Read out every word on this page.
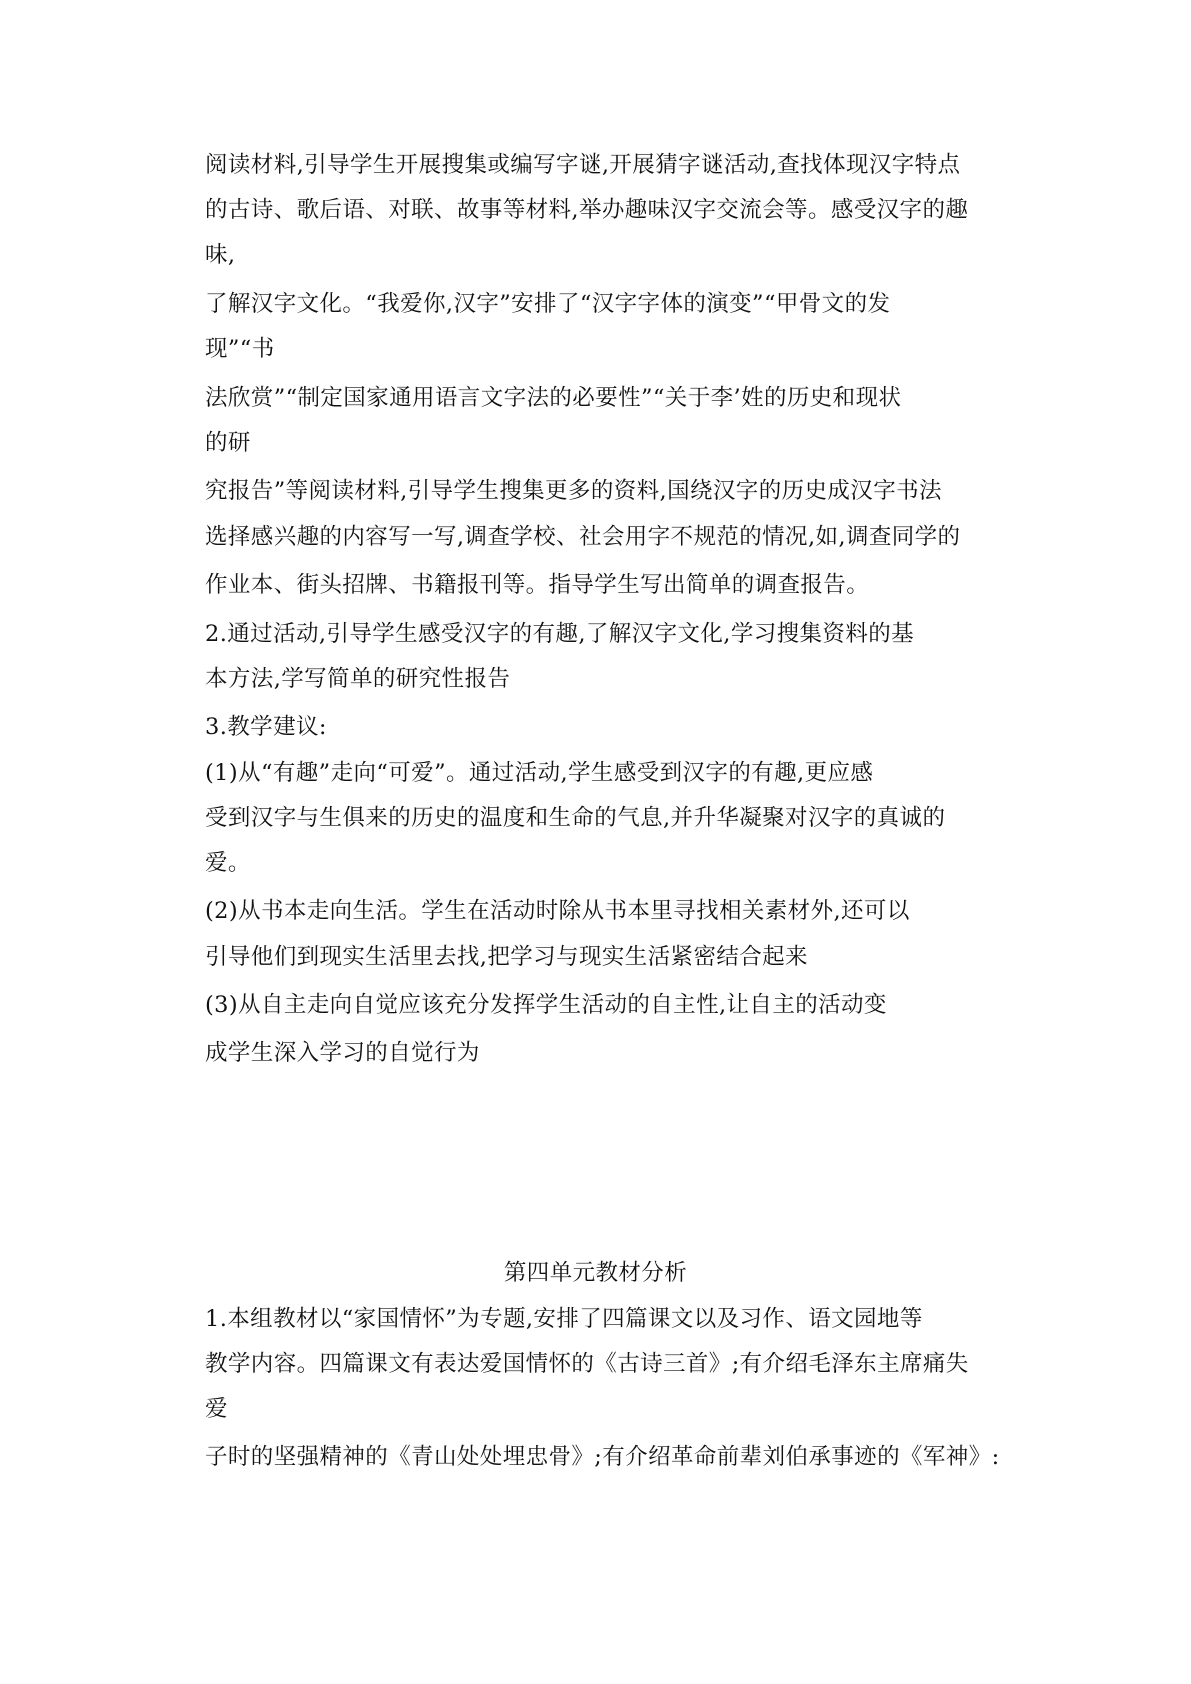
阅读材料,引导学生开展搜集或编写字谜,开展猜字谜活动,查找体现汉字特点
的古诗、歌后语、对联、故事等材料,举办趣味汉字交流会等。感受汉字的趣
味,
了解汉字文化。“我爱你,汉字”安排了“汉字字体的演变”“甲骨文的发
现”“书
法欣赏”“制定国家通用语言文字法的必要性”“关于李’姓的历史和现状
的研
究报告”等阅读材料,引导学生搜集更多的资料,国绕汉字的历史成汉字书法
选择感兴趣的内容写一写,调查学校、社会用字不规范的情况,如,调查同学的
作业本、街头招牌、书籍报刊等。指导学生写出简单的调查报告。
2.通过活动,引导学生感受汉字的有趣,了解汉字文化,学习搜集资料的基
本方法,学写简单的研究性报告
3.教学建议:
(1)从“有趣”走向“可爱”。通过活动,学生感受到汉字的有趣,更应感
受到汉字与生俱来的历史的温度和生命的气息,并升华凝聚对汉字的真诚的
爱。
(2)从书本走向生活。学生在活动时除从书本里寻找相关素材外,还可以
引导他们到现实生活里去找,把学习与现实生活紧密结合起来
(3)从自主走向自觉应该充分发挥学生活动的自主性,让自主的活动变
成学生深入学习的自觉行为
第四单元教材分析
1.本组教材以“家国情怀”为专题,安排了四篇课文以及习作、语文园地等
教学内容。四篇课文有表达爱国情怀的《古诗三首》;有介绍毛泽东主席痛失
爱
子时的坚强精神的《青山处处埋忠骨》;有介绍革命前辈刘伯承事迹的《军神》:
